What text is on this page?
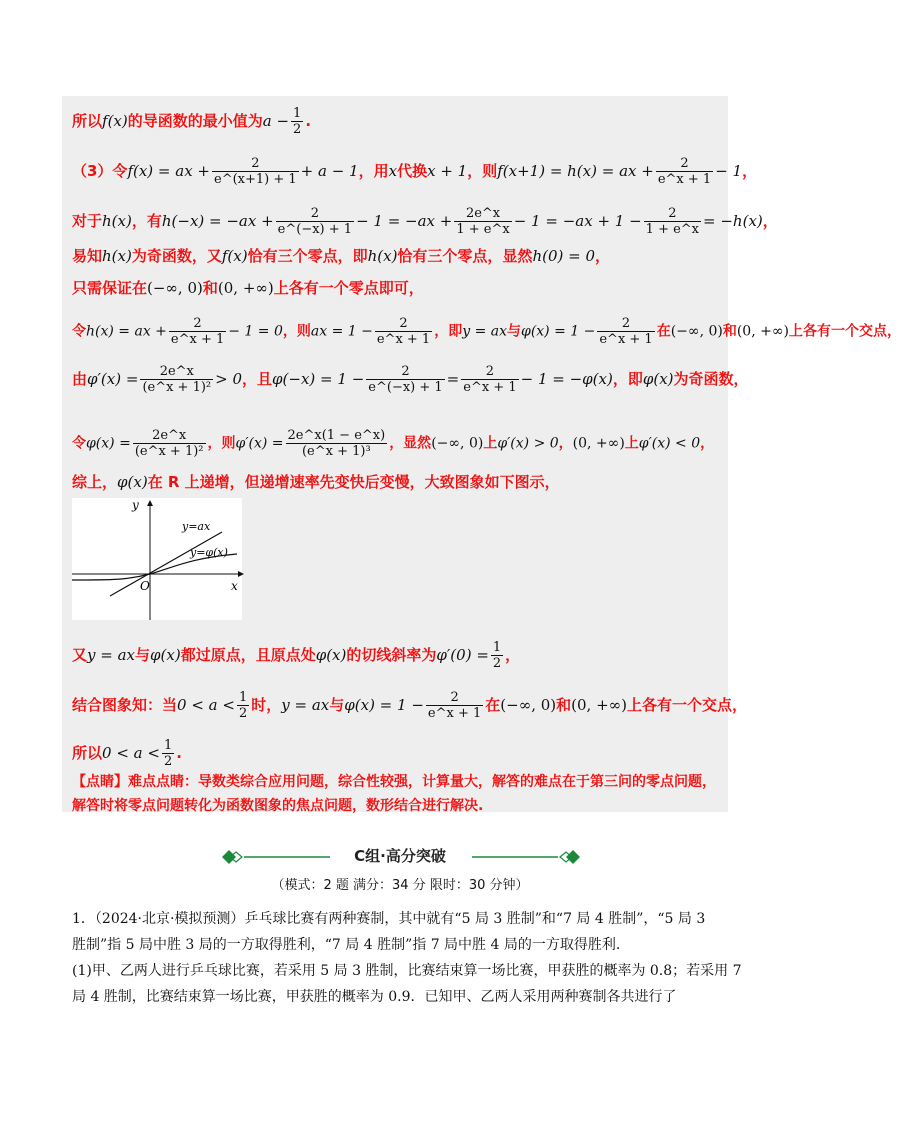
所以f(x)的导函数的最小值为$a - \frac{1}{2}$ .
（3）令f(x) = ax + $\frac{2}{e\^{}(x+1) + 1} + a - 1$，用x代换x + 1，则f(x+1) = h(x) = ax + $\frac{2}{e\^{}x + 1} - 1$，
对于h(x)，有$h(-x) = -ax + \frac{2}{e\^{}(-x) + 1} - 1 = -ax + \frac{2e\^{}x}{1 + e\^{}x} - 1 = -ax + 1 - \frac{2}{1 + e\^{}x} = -h(x)$，
易知h(x)为奇函数，又f(x)恰有三个零点，即h(x)恰有三个零点，显然h(0) = 0，
只需保证在(−∞, 0)和(0, +∞)上各有一个零点即可，
令h(x) = ax + $\frac{2}{e\^{}x + 1} - 1 = 0$，则ax = $1 - \frac{2}{e\^{}x + 1}$ ，即y = ax与$\varphi(x) = 1 - \frac{2}{e\^{}x + 1}$ 在(−∞, 0)和(0, +∞)上各有一个交点，
由$\varphi'(x) = \frac{2e\^{}x}{\text{(e\textasciicircum{}x + 1)²}} > 0$，且$\varphi(-x) = 1 - \frac{2}{e\^{}(-x) + 1} = \frac{2}{e\^{}x + 1} - 1 = -\varphi(x)$，即φ(x)为奇函数，
令$\varphi(x) = \frac{2e\^{}x}{\text{(e\textasciicircum{}x + 1)²}}$ ，则$\varphi'(x) = \frac{2e\^{}x(1 - e\^{}x)}{\text{(e\textasciicircum{}x + 1)³}}$ ，显然(−∞, 0)上φ′(x) > 0，(0, +∞)上φ′(x) < 0，
综上，φ(x)在 R 上递增，但递增速率先变快后变慢，大致图象如下图示，
y
x
O
y=ax
y=φ(x)
又y = ax与φ(x)都过原点，且原点处φ(x)的切线斜率为$\varphi'(0) = \frac{1}{2}$ ，
结合图象知：当$0 < a < \frac{1}{2}$ 时，y = ax与$\varphi(x) = 1 - \frac{2}{e\^{}x + 1}$ 在(−∞, 0)和(0, +∞)上各有一个交点，
所以$0 < a < \frac{1}{2}$ .
【点睛】难点点睛：导数类综合应用问题，综合性较强，计算量大，解答的难点在于第三问的零点问题，
解答时将零点问题转化为函数图象的焦点问题，数形结合进行解决.
C组·高分突破
（模式：2 题 满分：34 分 限时：30 分钟）
1．（2024·北京·模拟预测）乒乓球比赛有两种赛制，其中就有“5 局 3 胜制”和“7 局 4 胜制”，“5 局 3
胜制”指 5 局中胜 3 局的一方取得胜利，“7 局 4 胜制”指 7 局中胜 4 局的一方取得胜利.
(1)甲、乙两人进行乒乓球比赛，若采用 5 局 3 胜制，比赛结束算一场比赛，甲获胜的概率为 0.8；若采用 7
局 4 胜制，比赛结束算一场比赛，甲获胜的概率为 0.9．已知甲、乙两人采用两种赛制各共进行了
